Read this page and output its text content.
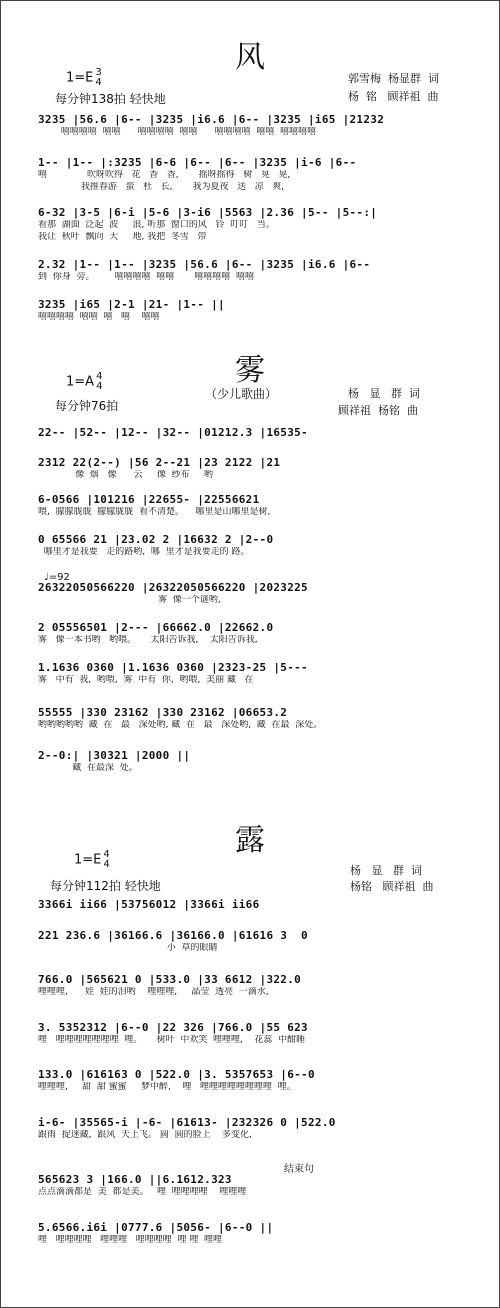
风
1=E 3
4
每分钟138拍 轻快地
郭雪梅  杨显群  词
杨  铭   顾祥祖  曲
3235 |56.6 |6-- |3235 |i6.6 |6-- |3235 |i65 |21232
嘻嘻嘻嘻  嘻嘻      嘻嘻嘻嘻  嘻嘻      嘻嘻嘻嘻  嘻嘻  嘻嘻嘻嘻
1-- |1-- |:3235 |6-6 |6-- |6-- |3235 |i-6 |6--
嘻              吹呀吹得   花   香   香,       摇呀摇得   树   晃   晃,
我推春游   蛮   杜   长,       我为夏夜   送   凉   爽,
6-32 |3-5 |6-i |5-6 |3-i6 |5563 |2.36 |5-- |5--:|
看那  湖面  泛起  波     浪, 听那  窗口的风   铃  叮叮   当。
我让  秋叶  飘向  大     地, 我把  冬雪   带
2.32 |1-- |1-- |3235 |56.6 |6-- |3235 |i6.6 |6--
到  你身  旁。       嘻嘻嘻嘻  嘻嘻       嘻嘻嘻嘻  嘻嘻
3235 |i65 |2-1 |21- |1-- ||
嘻嘻嘻嘻  嘻嘻  嘻   嘻    嘻嘻
雾
1=A 4
4
每分钟76拍
（少儿歌曲）	杨   显   群  词
顾祥祖  杨铭  曲
22-- |52-- |12-- |32-- |01212.3 |16535-
2312 22(2--) |56 2--21 |23 2122 |21
像  烟   像      云     像  纱布     哟
6-0566 |101216 |22655- |22556621
喂,  朦朦胧胧  朦朦胧胧  看不清楚。    哪里是山哪里是树,
0 65566 21 |23.02 2 |16632 2 |2--0
哪里才是我要   走的路哟,  哪  里才是我要走的 路。
♩=92
26322050566220 |26322050566220 |2023225
雾  像一个谜哟,
2 05556501 |2--- |66662.0 |22662.0
雾   像一本书哟   哟喂。     太阳告诉我,    太阳告诉我,
1.1636 0360 |1.1636 0360 |2323-25 |5---
雾   中有  我,  哟喂,  雾  中有  你,  哟喂,  美丽 藏   在
55555 |330 23162 |330 23162 |06653.2
哟哟哟哟哟  藏  在   最   深处哟, 藏  在   最   深处哟,  藏  在最  深处。
2--0:| |30321 |2000 ||
藏  在最深  处。
露
1=E 4
4
每分钟112拍 轻快地
杨   显   群  词
杨铭   顾祥祖  曲
3366i ii66 |53756012 |3366i ii66
221 236.6 |36166.6 |36166.0 |61616 3  0
小  草的眼睛
766.0 |565621 0 |533.0 |33 6612 |322.0
哩哩哩,      娃  娃的泪哟    哩哩哩,     晶莹  透亮  一滴水,
3. 5352312 |6--0 |22 326 |766.0 |55 623
哩   哩哩哩哩哩哩哩  哩。     树叶  中欢笑  哩哩哩,    花蕊  中酣睡
133.0 |616163 0 |522.0 |3. 5357653 |6--0
哩哩哩,     甜  甜 蜜蜜     梦中醉,    哩   哩哩哩哩哩哩哩哩  哩。
i-6- |35565-i |-6- |61613- |232326 0 |522.0
跟雨  捉迷藏,  跟风  天上飞。 圆  圆的脸上    多变化,
结束句
565623 3 |166.0 ||6.1612.323
点点滴滴都是  美  都是美。   哩  哩哩哩哩    哩哩哩
5.6566.i6i |0777.6 |5056- |6--0 ||
哩   哩哩哩哩   哩哩哩   哩哩哩哩  哩 哩  哩哩
